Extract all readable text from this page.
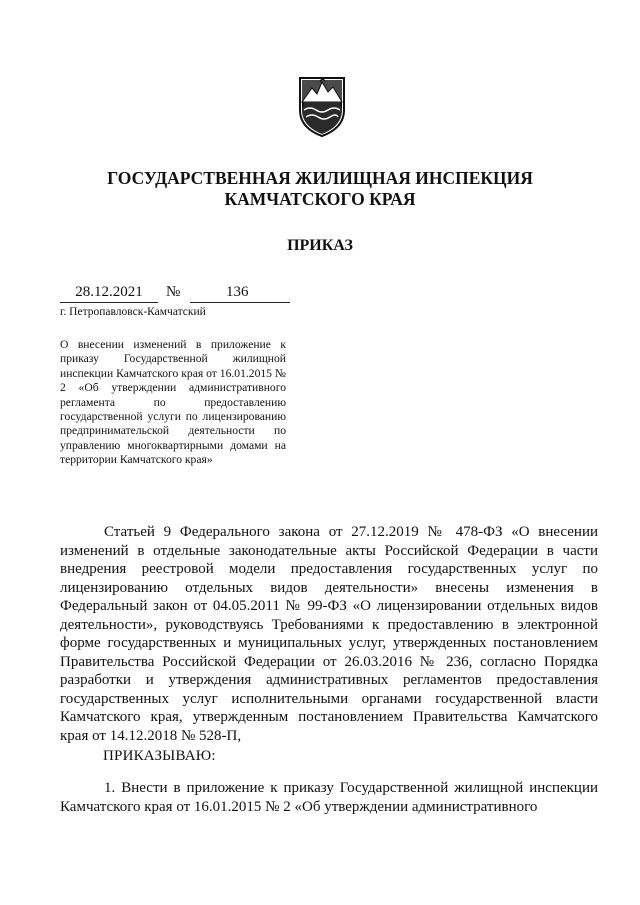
ГОСУДАРСТВЕННАЯ ЖИЛИЩНАЯ ИНСПЕКЦИЯ
КАМЧАТСКОГО КРАЯ
ПРИКАЗ
28.12.2021	№	136
г. Петропавловск-Камчатский
О внесении изменений в приложение к приказу Государственной жилищной инспекции Камчатского края от 16.01.2015 № 2 «Об утверждении административного регламента по предоставлению государственной услуги по лицензированию предпринимательской деятельности по управлению многоквартирными домами на территории Камчатского края»
Статьей 9 Федерального закона от 27.12.2019 № 478-ФЗ «О внесении изменений в отдельные законодательные акты Российской Федерации в части внедрения реестровой модели предоставления государственных услуг по лицензированию отдельных видов деятельности» внесены изменения в Федеральный закон от 04.05.2011 № 99-ФЗ «О лицензировании отдельных видов деятельности», руководствуясь Требованиями к предоставлению в электронной форме государственных и муниципальных услуг, утвержденных постановлением Правительства Российской Федерации от 26.03.2016 № 236, согласно Порядка разработки и утверждения административных регламентов предоставления государственных услуг исполнительными органами государственной власти Камчатского края, утвержденным постановлением Правительства Камчатского края от 14.12.2018 № 528-П,
ПРИКАЗЫВАЮ:
1. Внести в приложение к приказу Государственной жилищной инспекции Камчатского края от 16.01.2015 № 2 «Об утверждении административного
